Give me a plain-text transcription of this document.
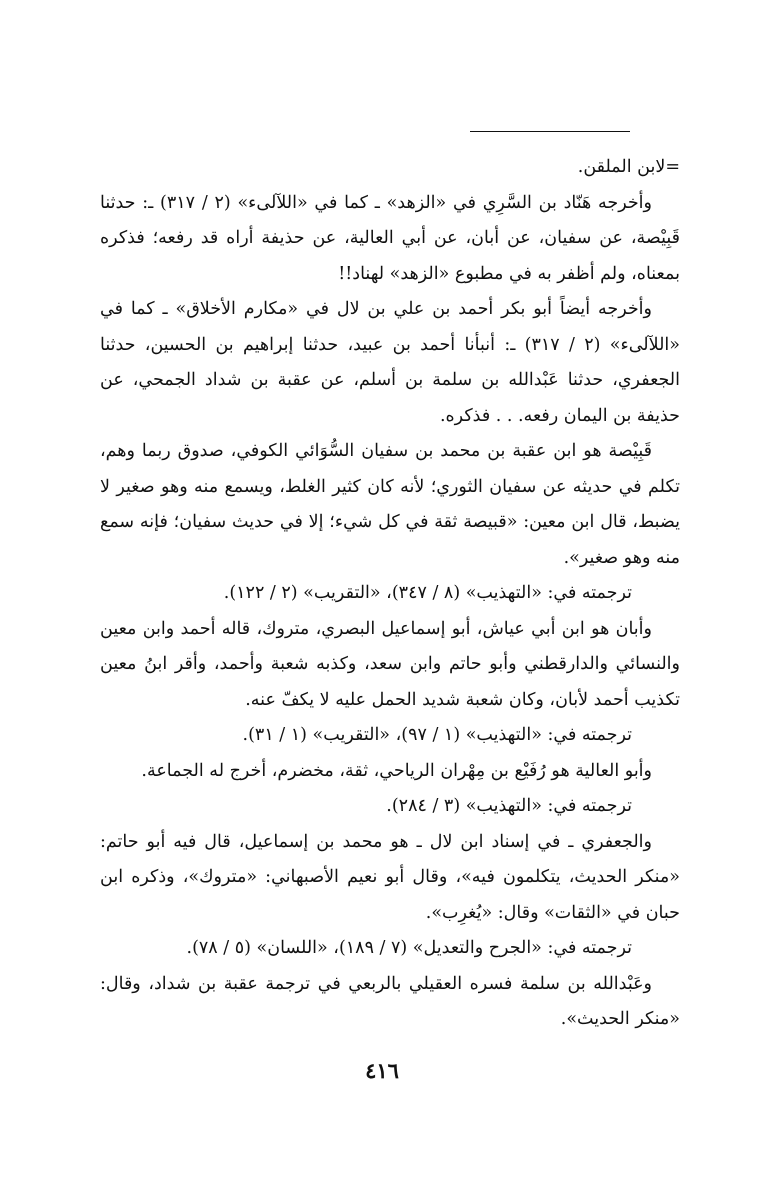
=لابن الملقن.

وأخرجه هَنّاد بن السَّرِي في «الزهد» ـ كما في «اللآلىء» (٢ / ٣١٧) ـ: حدثنا قَبِيْصة، عن سفيان، عن أبان، عن أبي العالية، عن حذيفة أراه قد رفعه؛ فذكره بمعناه، ولم أظفر به في مطبوع «الزهد» لهناد!!

وأخرجه أيضاً أبو بكر أحمد بن علي بن لال في «مكارم الأخلاق» ـ كما في «اللآلىء» (٢ / ٣١٧) ـ: أنبأنا أحمد بن عبيد، حدثنا إبراهيم بن الحسين، حدثنا الجعفري، حدثنا عَبْدالله بن سلمة بن أسلم، عن عقبة بن شداد الجمحي، عن حذيفة بن اليمان رفعه. . . فذكره.

قَبِيْصة هو ابن عقبة بن محمد بن سفيان السُّوَائي الكوفي، صدوق ربما وهم، تكلم في حديثه عن سفيان الثوري؛ لأنه كان كثير الغلط، ويسمع منه وهو صغير لا يضبط، قال ابن معين: «قبيصة ثقة في كل شيء؛ إلا في حديث سفيان؛ فإنه سمع منه وهو صغير».

ترجمته في: «التهذيب» (٨ / ٣٤٧)، «التقريب» (٢ / ١٢٢).

وأبان هو ابن أبي عياش، أبو إسماعيل البصري، متروك، قاله أحمد وابن معين والنسائي والدارقطني وأبو حاتم وابن سعد، وكذبه شعبة وأحمد، وأقر ابنُ معين تكذيب أحمد لأبان، وكان شعبة شديد الحمل عليه لا يكفّ عنه.

ترجمته في: «التهذيب» (١ / ٩٧)، «التقريب» (١ / ٣١).

وأبو العالية هو رُفَيْع بن مِهْران الرياحي، ثقة، مخضرم، أخرج له الجماعة.

ترجمته في: «التهذيب» (٣ / ٢٨٤).

والجعفري ـ في إسناد ابن لال ـ هو محمد بن إسماعيل، قال فيه أبو حاتم: «منكر الحديث، يتكلمون فيه»، وقال أبو نعيم الأصبهاني: «متروك»، وذكره ابن حبان في «الثقات» وقال: «يُغرِب».

ترجمته في: «الجرح والتعديل» (٧ / ١٨٩)، «اللسان» (٥ / ٧٨).

وعَبْدالله بن سلمة فسره العقيلي بالربعي في ترجمة عقبة بن شداد، وقال: «منكر الحديث».

٤١٦
